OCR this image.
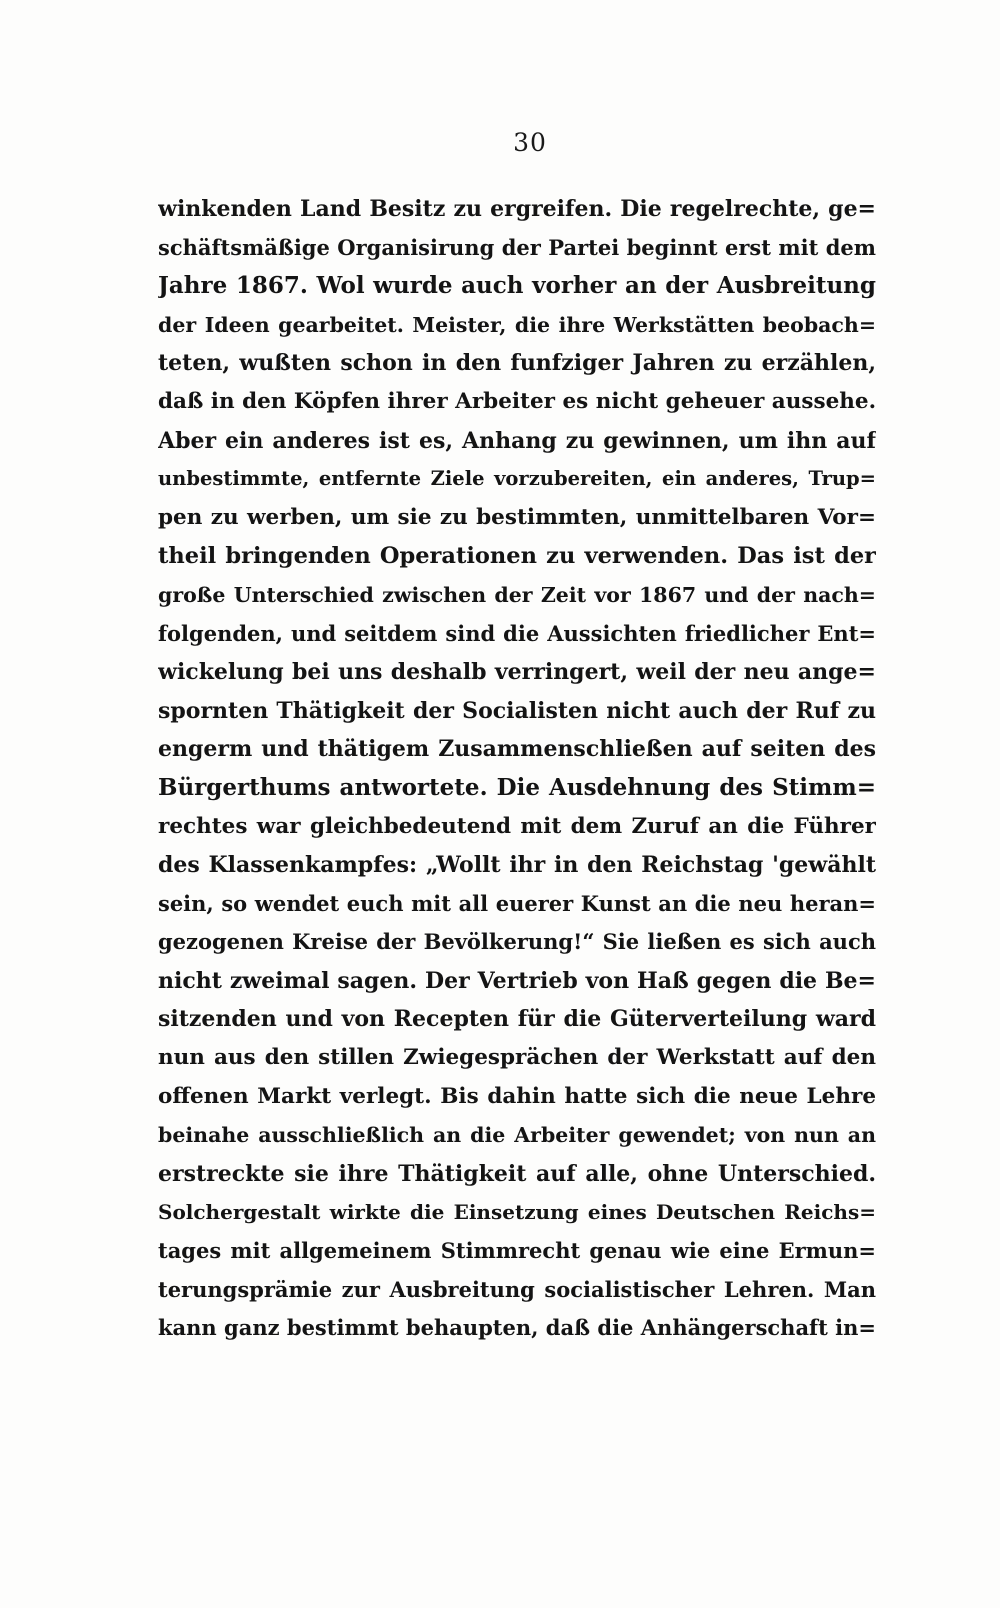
30
winkenden Land Besitz zu ergreifen. Die regelrechte, ge=
schäftsmäßige Organisirung der Partei beginnt erst mit dem
Jahre 1867. Wol wurde auch vorher an der Ausbreitung
der Ideen gearbeitet. Meister, die ihre Werkstätten beobach=
teten, wußten schon in den funfziger Jahren zu erzählen,
daß in den Köpfen ihrer Arbeiter es nicht geheuer aussehe.
Aber ein anderes ist es, Anhang zu gewinnen, um ihn auf
unbestimmte, entfernte Ziele vorzubereiten, ein anderes, Trup=
pen zu werben, um sie zu bestimmten, unmittelbaren Vor=
theil bringenden Operationen zu verwenden. Das ist der
große Unterschied zwischen der Zeit vor 1867 und der nach=
folgenden, und seitdem sind die Aussichten friedlicher Ent=
wickelung bei uns deshalb verringert, weil der neu ange=
spornten Thätigkeit der Socialisten nicht auch der Ruf zu
engerm und thätigem Zusammenschließen auf seiten des
Bürgerthums antwortete. Die Ausdehnung des Stimm=
rechtes war gleichbedeutend mit dem Zuruf an die Führer
des Klassenkampfes: „Wollt ihr in den Reichstag 'gewählt
sein, so wendet euch mit all euerer Kunst an die neu heran=
gezogenen Kreise der Bevölkerung!“ Sie ließen es sich auch
nicht zweimal sagen. Der Vertrieb von Haß gegen die Be=
sitzenden und von Recepten für die Güterverteilung ward
nun aus den stillen Zwiegesprächen der Werkstatt auf den
offenen Markt verlegt. Bis dahin hatte sich die neue Lehre
beinahe ausschließlich an die Arbeiter gewendet; von nun an
erstreckte sie ihre Thätigkeit auf alle, ohne Unterschied.
Solchergestalt wirkte die Einsetzung eines Deutschen Reichs=
tages mit allgemeinem Stimmrecht genau wie eine Ermun=
terungsprämie zur Ausbreitung socialistischer Lehren. Man
kann ganz bestimmt behaupten, daß die Anhängerschaft in=
